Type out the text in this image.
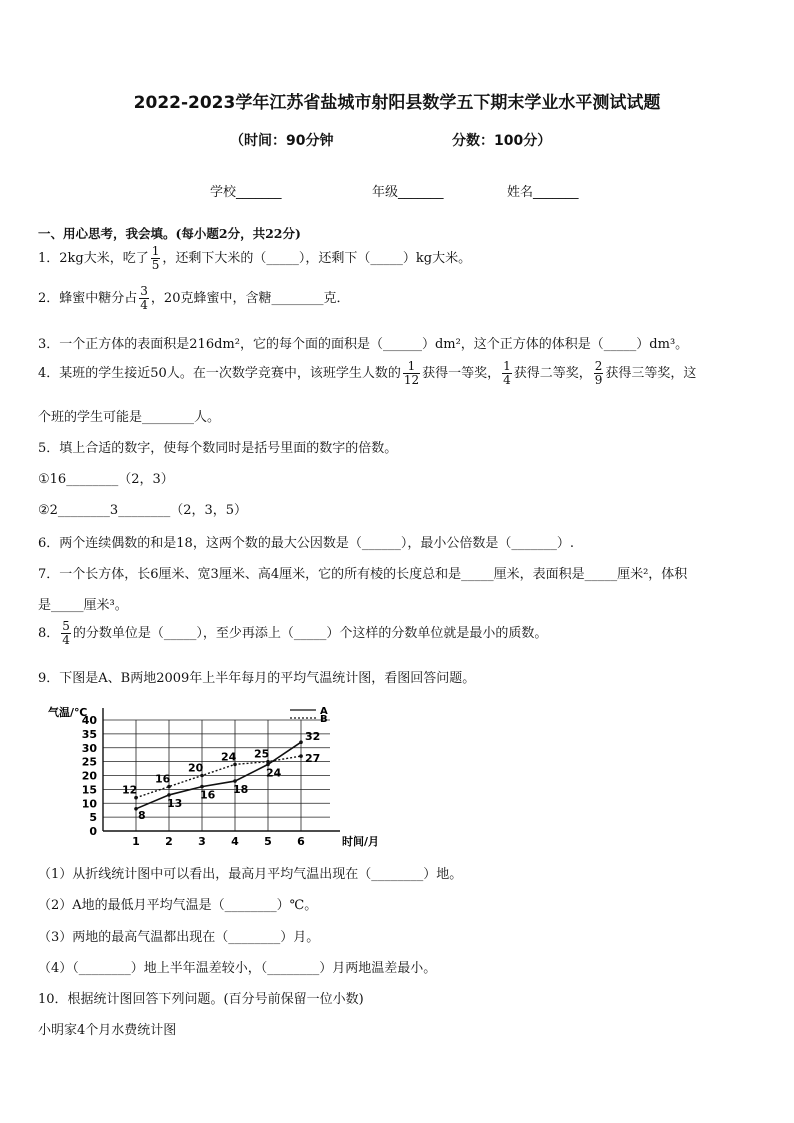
2022-2023学年江苏省盐城市射阳县数学五下期末学业水平测试试题
（时间：90分钟	分数：100分）
学校_______	年级_______	姓名_______
一、用心思考，我会填。(每小题2分，共22分)
1．2kg大米，吃了 $\frac{1}{5}$ ，还剩下大米的（_____），还剩下（_____）kg大米。
2．蜂蜜中糖分占 $\frac{3}{4}$ ，20克蜂蜜中，含糖________克．
3．一个正方体的表面积是216dm²，它的每个面的面积是（______）dm²，这个正方体的体积是（_____）dm³。
4．某班的学生接近50人。在一次数学竞赛中，该班学生人数的 $\frac{1}{12}$ 获得一等奖， $\frac{1}{4}$ 获得二等奖， $\frac{2}{9}$ 获得三等奖，这
个班的学生可能是________人。
5．填上合适的数字，使每个数同时是括号里面的数字的倍数。
①16________（2，3）
②2________3________（2，3，5）
6．两个连续偶数的和是18，这两个数的最大公因数是（______），最小公倍数是（_______）.
7．一个长方体，长6厘米、宽3厘米、高4厘米，它的所有棱的长度总和是_____厘米，表面积是_____厘米²，体积
是_____厘米³。
8． $\frac{5}{4}$ 的分数单位是（_____），至少再添上（_____）个这样的分数单位就是最小的质数。
9．下图是A、B两地2009年上半年每月的平均气温统计图，看图回答问题。
0
5
10
15
20
25
30
35
40
1 2 3 4 5 6	时间/月
气温/℃
8
13
16 18
24
32
12
16
20
24 25	27
A
B
（1）从折线统计图中可以看出，最高月平均气温出现在（________）地。
（2）A地的最低月平均气温是（________）℃。
（3）两地的最高气温都出现在（________）月。
（4）（________）地上半年温差较小，（________）月两地温差最小。
10．根据统计图回答下列问题。(百分号前保留一位小数)
小明家4个月水费统计图
